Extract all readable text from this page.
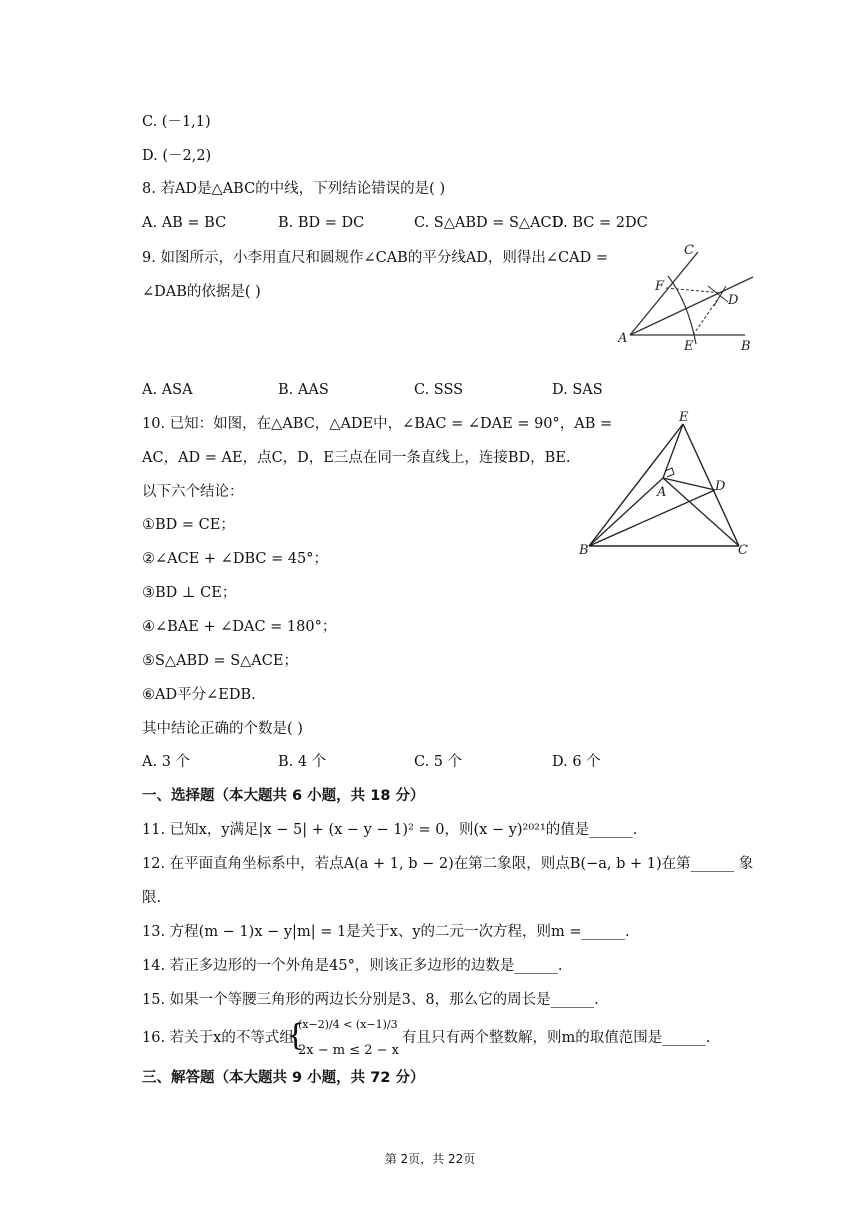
C. (－1,1)
D. (－2,2)
8. 若AD是△ABC的中线，下列结论错误的是( )
A. AB = BC	B. BD = DC	C. S△ABD = S△ACD
D. BC = 2DC
9. 如图所示，小李用直尺和圆规作∠CAB的平分线AD，则得出∠CAD =
∠DAB的依据是( )
C
F
D
A
E	B
A. ASA	B. AAS	C. SSS	D. SAS
10. 已知：如图，在△ABC，△ADE中，∠BAC = ∠DAE = 90°，AB =
AC，AD = AE，点C，D，E三点在同一条直线上，连接BD，BE.
以下六个结论：
①BD = CE；
②∠ACE + ∠DBC = 45°；
③BD ⊥ CE；
④∠BAE + ∠DAC = 180°；
⑤S△ABD = S△ACE；
⑥AD平分∠EDB.
其中结论正确的个数是( )
E
A	D
B	C
A. 3 个	B. 4 个	C. 5 个	D. 6 个
一、选择题（本大题共 6 小题，共 18 分）
11. 已知x，y满足|x − 5| + (x − y − 1)² = 0，则(x − y)²⁰²¹的值是______.
12. 在平面直角坐标系中，若点A(a + 1, b − 2)在第二象限，则点B(−a, b + 1)在第______ 象
限.
13. 方程(m − 1)x − y|m| = 1是关于x、y的二元一次方程，则m =______.
14. 若正多边形的一个外角是45°，则该正多边形的边数是______.
15. 如果一个等腰三角形的两边长分别是3、8，那么它的周长是______.
16. 若关于x的不等式组
{
(x−2)/4 < (x−1)/3
2x − m ≤ 2 − x
有且只有两个整数解，则m的取值范围是______.
三、解答题（本大题共 9 小题，共 72 分）
第 2页，共 22页
